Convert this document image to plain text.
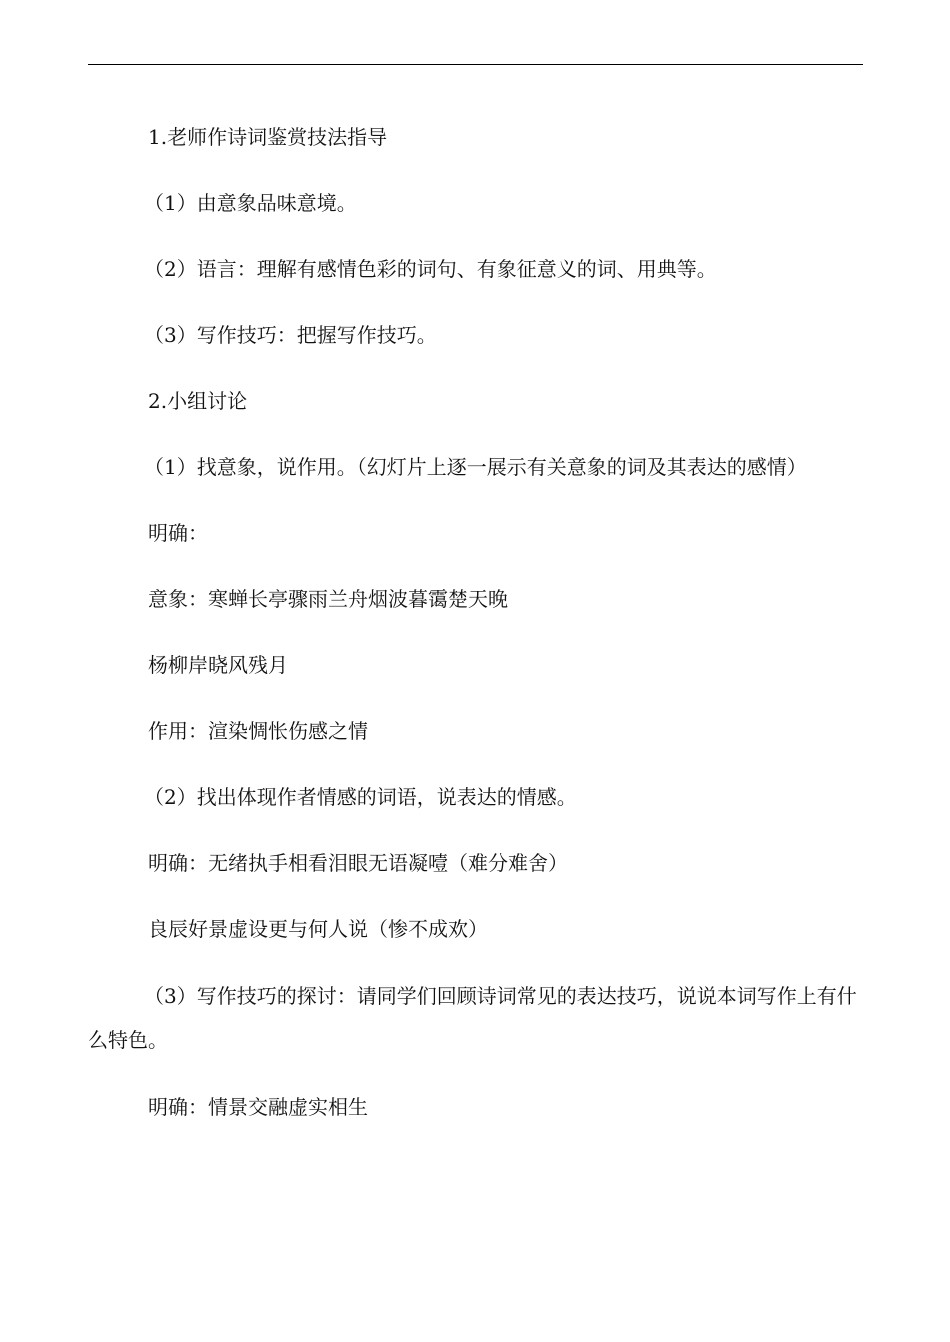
1.老师作诗词鉴赏技法指导
（1）由意象品味意境。
（2）语言：理解有感情色彩的词句、有象征意义的词、用典等。
（3）写作技巧：把握写作技巧。
2.小组讨论
（1）找意象，说作用。（幻灯片上逐一展示有关意象的词及其表达的感情）
明确：
意象：寒蝉长亭骤雨兰舟烟波暮霭楚天晚
杨柳岸晓风残月
作用：渲染惆怅伤感之情
（2）找出体现作者情感的词语，说表达的情感。
明确：无绪执手相看泪眼无语凝噎（难分难舍）
良辰好景虚设更与何人说（惨不成欢）
（3）写作技巧的探讨：请同学们回顾诗词常见的表达技巧，说说本词写作上有什么特色。
明确：情景交融虚实相生
